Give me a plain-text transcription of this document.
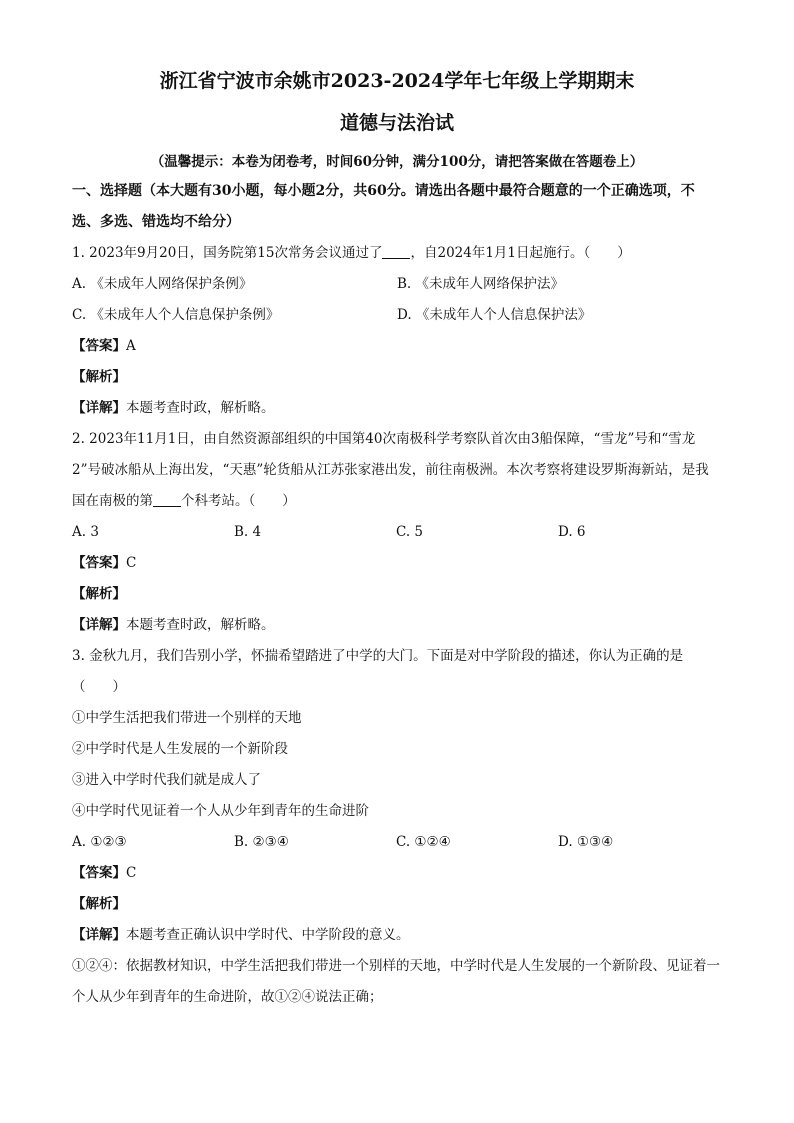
浙江省宁波市余姚市2023-2024学年七年级上学期期末
道德与法治试
（温馨提示：本卷为闭卷考，时间60分钟，满分100分，请把答案做在答题卷上）
一、选择题（本大题有30小题，每小题2分，共60分。请选出各题中最符合题意的一个正确选项，不选、多选、错选均不给分）
1. 2023年9月20日，国务院第15次常务会议通过了 ，自2024年1月1日起施行。（　　）
A. 《未成年人网络保护条例》	B. 《未成年人网络保护法》
C. 《未成年人个人信息保护条例》	D. 《未成年人个人信息保护法》
【答案】A
【解析】
【详解】本题考查时政，解析略。
2. 2023年11月1日，由自然资源部组织的中国第40次南极科学考察队首次由3船保障，“雪龙”号和“雪龙2”号破冰船从上海出发，“天惠”轮货船从江苏张家港出发，前往南极洲。本次考察将建设罗斯海新站，是我国在南极的第 个科考站。（　　）
A. 3	B. 4	C. 5	D. 6
【答案】C
【解析】
【详解】本题考查时政，解析略。
3. 金秋九月，我们告别小学，怀揣希望踏进了中学的大门。下面是对中学阶段的描述，你认为正确的是（　　）
①中学生活把我们带进一个别样的天地
②中学时代是人生发展的一个新阶段
③进入中学时代我们就是成人了
④中学时代见证着一个人从少年到青年的生命进阶
A. ①②③	B. ②③④	C. ①②④	D. ①③④
【答案】C
【解析】
【详解】本题考查正确认识中学时代、中学阶段的意义。
①②④：依据教材知识，中学生活把我们带进一个别样的天地，中学时代是人生发展的一个新阶段、见证着一个人从少年到青年的生命进阶，故①②④说法正确；
